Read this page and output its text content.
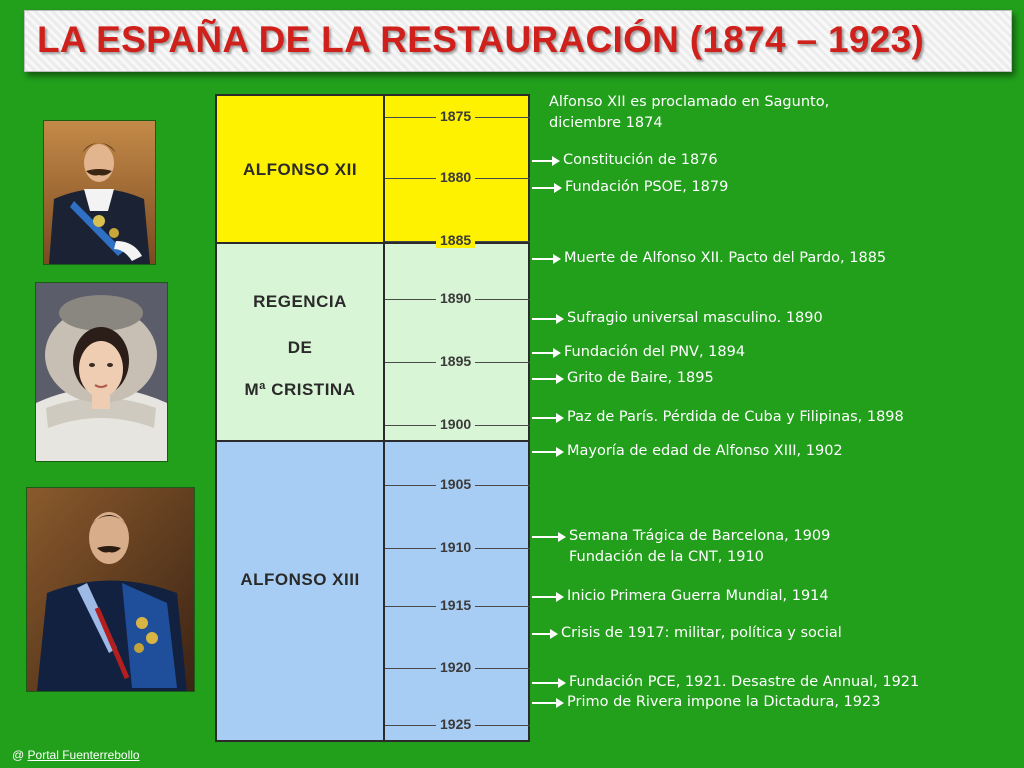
LA ESPAÑA DE LA RESTAURACIÓN (1874 – 1923)
ALFONSO XII
REGENCIA
DE
Mª CRISTINA
ALFONSO XIII
1875
1880
1885
1890
1895
1900
1905
1910
1915
1920
1925
Alfonso XII es proclamado en Sagunto,
diciembre 1874
Constitución de 1876
Fundación PSOE, 1879
Muerte de Alfonso XII. Pacto del Pardo, 1885
Sufragio universal masculino. 1890
Fundación del PNV, 1894
Grito de Baire, 1895
Paz de París. Pérdida de Cuba y Filipinas, 1898
Mayoría de edad de Alfonso XIII, 1902
Semana Trágica de Barcelona, 1909
Fundación de la CNT, 1910
Inicio Primera Guerra Mundial, 1914
Crisis de 1917: militar, política y social
Fundación PCE, 1921. Desastre de Annual, 1921
Primo de Rivera impone la Dictadura, 1923
@ Portal Fuenterrebollo
